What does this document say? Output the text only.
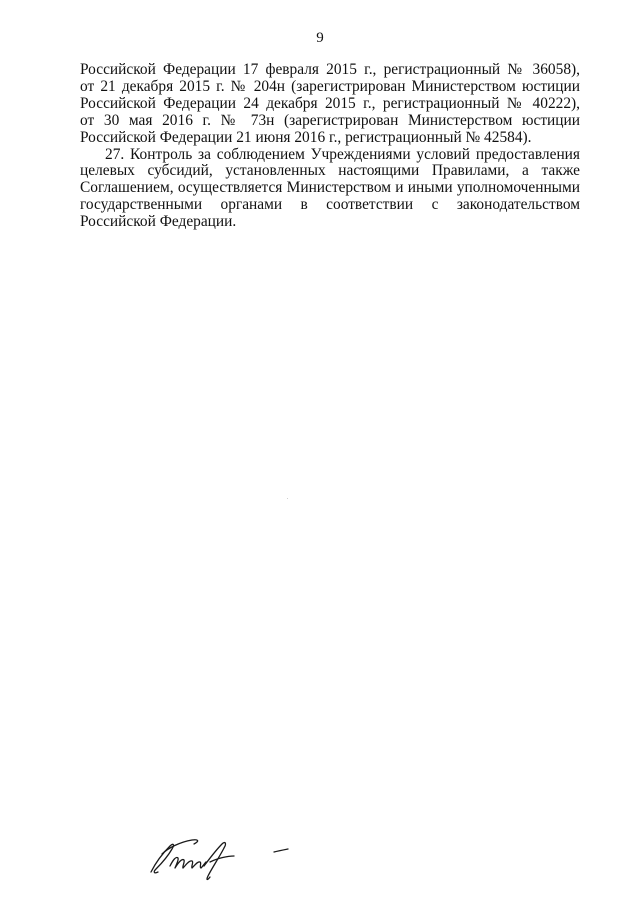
9

Российской Федерации 17 февраля 2015 г., регистрационный № 36058),
от 21 декабря 2015 г. № 204н (зарегистрирован Министерством юстиции
Российской Федерации 24 декабря 2015 г., регистрационный № 40222),
от 30 мая 2016 г. № 73н (зарегистрирован Министерством юстиции
Российской Федерации 21 июня 2016 г., регистрационный № 42584).

27. Контроль за соблюдением Учреждениями условий предоставления
целевых субсидий, установленных настоящими Правилами, а также
Соглашением, осуществляется Министерством и иными уполномоченными
государственными органами в соответствии с законодательством
Российской Федерации.
